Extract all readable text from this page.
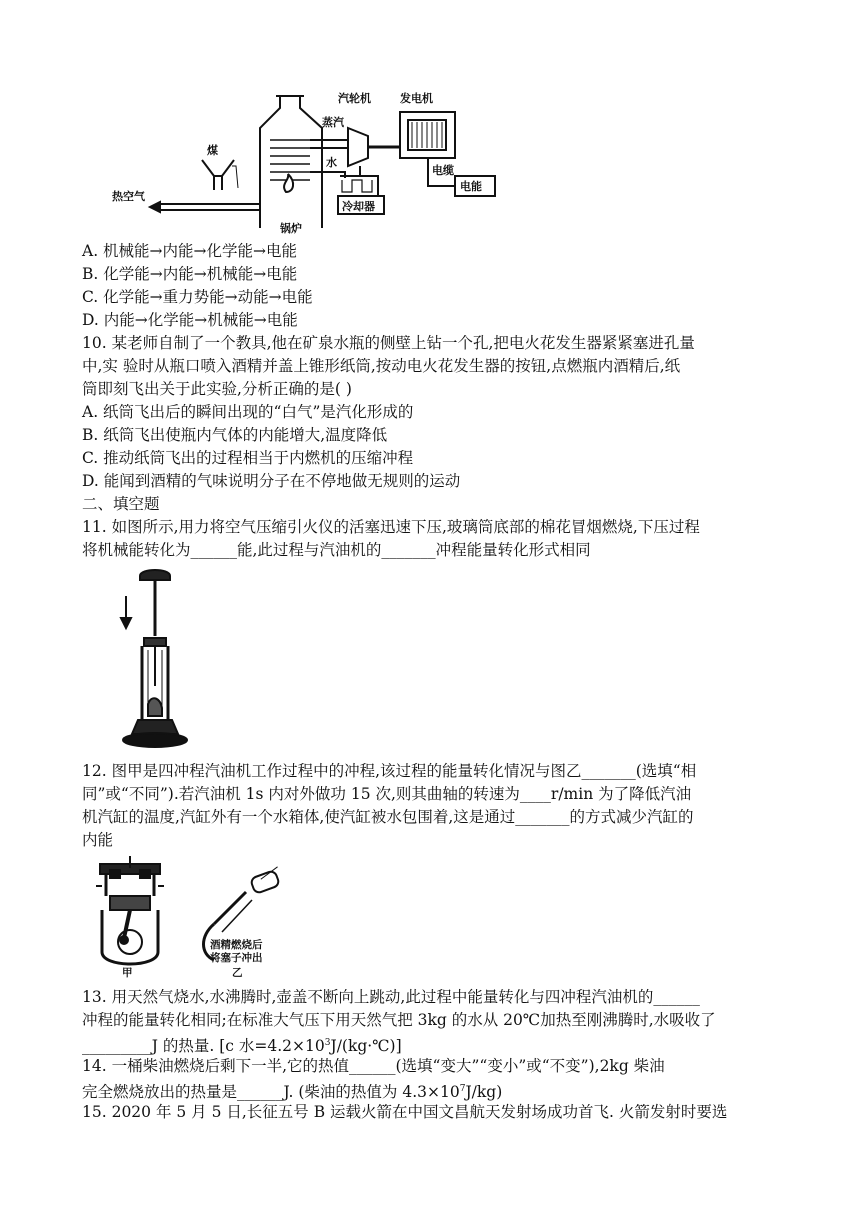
汽轮机	发电机
蒸汽
煤
水
电缆
电能
热空气
冷却器
锅炉
A. 机械能→内能→化学能→电能
B. 化学能→内能→机械能→电能
C. 化学能→重力势能→动能→电能
D. 内能→化学能→机械能→电能
10. 某老师自制了一个教具,他在矿泉水瓶的侧壁上钻一个孔,把电火花发生器紧紧塞进孔量
中,实 验时从瓶口喷入酒精并盖上锥形纸筒,按动电火花发生器的按钮,点燃瓶内酒精后,纸
筒即刻飞出关于此实验,分析正确的是( )
A. 纸筒飞出后的瞬间出现的“白气”是汽化形成的
B. 纸筒飞出使瓶内气体的内能增大,温度降低
C. 推动纸筒飞出的过程相当于内燃机的压缩冲程
D. 能闻到酒精的气味说明分子在不停地做无规则的运动
二、填空题
11. 如图所示,用力将空气压缩引火仪的活塞迅速下压,玻璃筒底部的棉花冒烟燃烧,下压过程
将机械能转化为______能,此过程与汽油机的_______冲程能量转化形式相同
12. 图甲是四冲程汽油机工作过程中的冲程,该过程的能量转化情况与图乙_______(选填“相
同”或“不同”).若汽油机 1s 内对外做功 15 次,则其曲轴的转速为____r/min 为了降低汽油
机汽缸的温度,汽缸外有一个水箱体,使汽缸被水包围着,这是通过_______的方式减少汽缸的
内能
酒精燃烧后
将塞子冲出
甲	乙
13. 用天然气烧水,水沸腾时,壶盖不断向上跳动,此过程中能量转化与四冲程汽油机的______
冲程的能量转化相同;在标准大气压下用天然气把 3kg 的水从 20℃加热至刚沸腾时,水吸收了
_________J 的热量. [c 水$=4.2\times 10^3J/(kg\cdot℃)$]
14. 一桶柴油燃烧后剩下一半,它的热值______(选填“变大”“变小”或“不变”),2kg 柴油
完全燃烧放出的热量是______J. (柴油的热值为 $4.3\times 10^7J/kg$)
15. 2020 年 5 月 5 日,长征五号 B 运载火箭在中国文昌航天发射场成功首飞. 火箭发射时要选
